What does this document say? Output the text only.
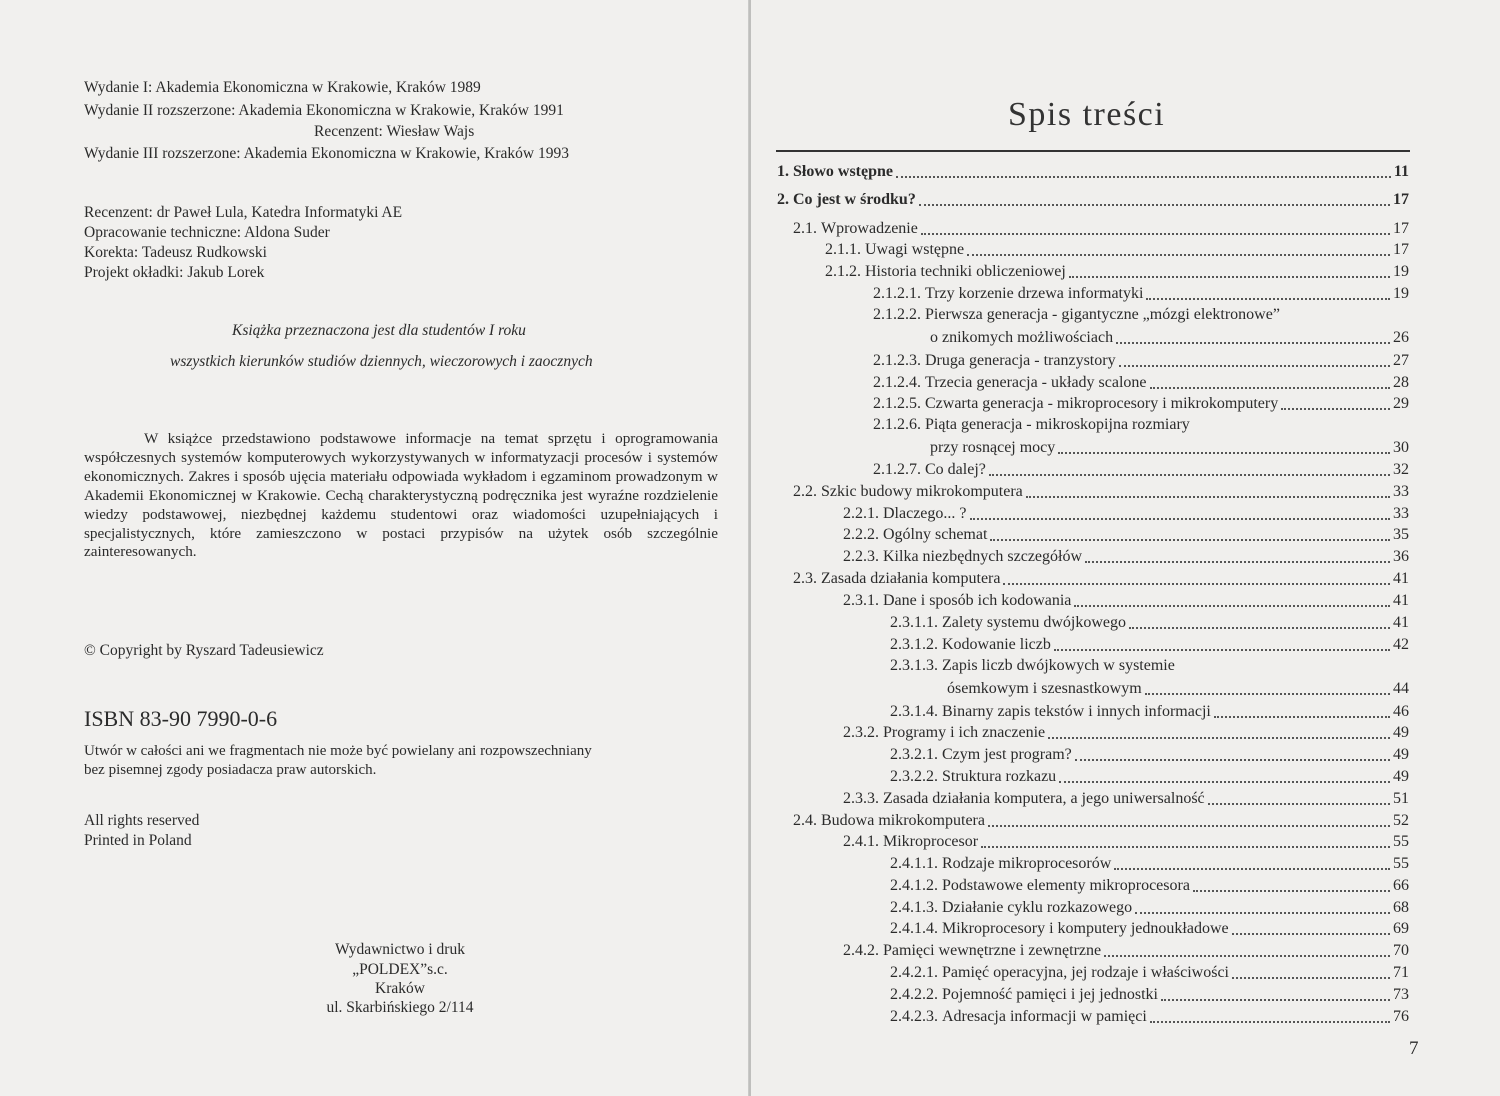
Wydanie I: Akademia Ekonomiczna w Krakowie, Kraków 1989
Wydanie II rozszerzone: Akademia Ekonomiczna w Krakowie, Kraków 1991
Recenzent: Wiesław Wajs
Wydanie III rozszerzone: Akademia Ekonomiczna w Krakowie, Kraków 1993
Recenzent: dr Paweł Lula, Katedra Informatyki AE
Opracowanie techniczne: Aldona Suder
Korekta: Tadeusz Rudkowski
Projekt okładki: Jakub Lorek
Książka przeznaczona jest dla studentów I roku
wszystkich kierunków studiów dziennych, wieczorowych i zaocznych
W książce przedstawiono podstawowe informacje na temat sprzętu i oprogramowania współczesnych systemów komputerowych wykorzystywanych w informatyzacji procesów i systemów ekonomicznych. Zakres i sposób ujęcia materiału odpowiada wykładom i egzaminom prowadzonym w Akademii Ekonomicznej w Krakowie. Cechą charakterystyczną podręcznika jest wyraźne rozdzielenie wiedzy podstawowej, niezbędnej każdemu studentowi oraz wiadomości uzupełniających i specjalistycznych, które zamieszczono w postaci przypisów na użytek osób szczególnie zainteresowanych.
© Copyright by Ryszard Tadeusiewicz
ISBN 83-90 7990-0-6
Utwór w całości ani we fragmentach nie może być powielany ani rozpowszechniany
bez pisemnej zgody posiadacza praw autorskich.
All rights reserved
Printed in Poland
Wydawnictwo i druk
„POLDEX”s.c.
Kraków
ul. Skarbińskiego 2/114
Spis treści
1. Słowo wstępne	11
2. Co jest w środku?	17
2.1. Wprowadzenie	17
2.1.1. Uwagi wstępne	17
2.1.2. Historia techniki obliczeniowej	19
2.1.2.1. Trzy korzenie drzewa informatyki	19
2.1.2.2. Pierwsza generacja - gigantyczne „mózgi elektronowe”
o znikomych możliwościach	26
2.1.2.3. Druga generacja - tranzystory	27
2.1.2.4. Trzecia generacja - układy scalone	28
2.1.2.5. Czwarta generacja - mikroprocesory i mikrokomputery	29
2.1.2.6. Piąta generacja - mikroskopijna rozmiary
przy rosnącej mocy	30
2.1.2.7. Co dalej?	32
2.2. Szkic budowy mikrokomputera	33
2.2.1. Dlaczego... ?	33
2.2.2. Ogólny schemat	35
2.2.3. Kilka niezbędnych szczegółów	36
2.3. Zasada działania komputera	41
2.3.1. Dane i sposób ich kodowania	41
2.3.1.1. Zalety systemu dwójkowego	41
2.3.1.2. Kodowanie liczb	42
2.3.1.3. Zapis liczb dwójkowych w systemie
ósemkowym i szesnastkowym	44
2.3.1.4. Binarny zapis tekstów i innych informacji	46
2.3.2. Programy i ich znaczenie	49
2.3.2.1. Czym jest program?	49
2.3.2.2. Struktura rozkazu	49
2.3.3. Zasada działania komputera, a jego uniwersalność	51
2.4. Budowa mikrokomputera	52
2.4.1. Mikroprocesor	55
2.4.1.1. Rodzaje mikroprocesorów	55
2.4.1.2. Podstawowe elementy mikroprocesora	66
2.4.1.3. Działanie cyklu rozkazowego	68
2.4.1.4. Mikroprocesory i komputery jednoukładowe	69
2.4.2. Pamięci wewnętrzne i zewnętrzne	70
2.4.2.1. Pamięć operacyjna, jej rodzaje i właściwości	71
2.4.2.2. Pojemność pamięci i jej jednostki	73
2.4.2.3. Adresacja informacji w pamięci	76
7
